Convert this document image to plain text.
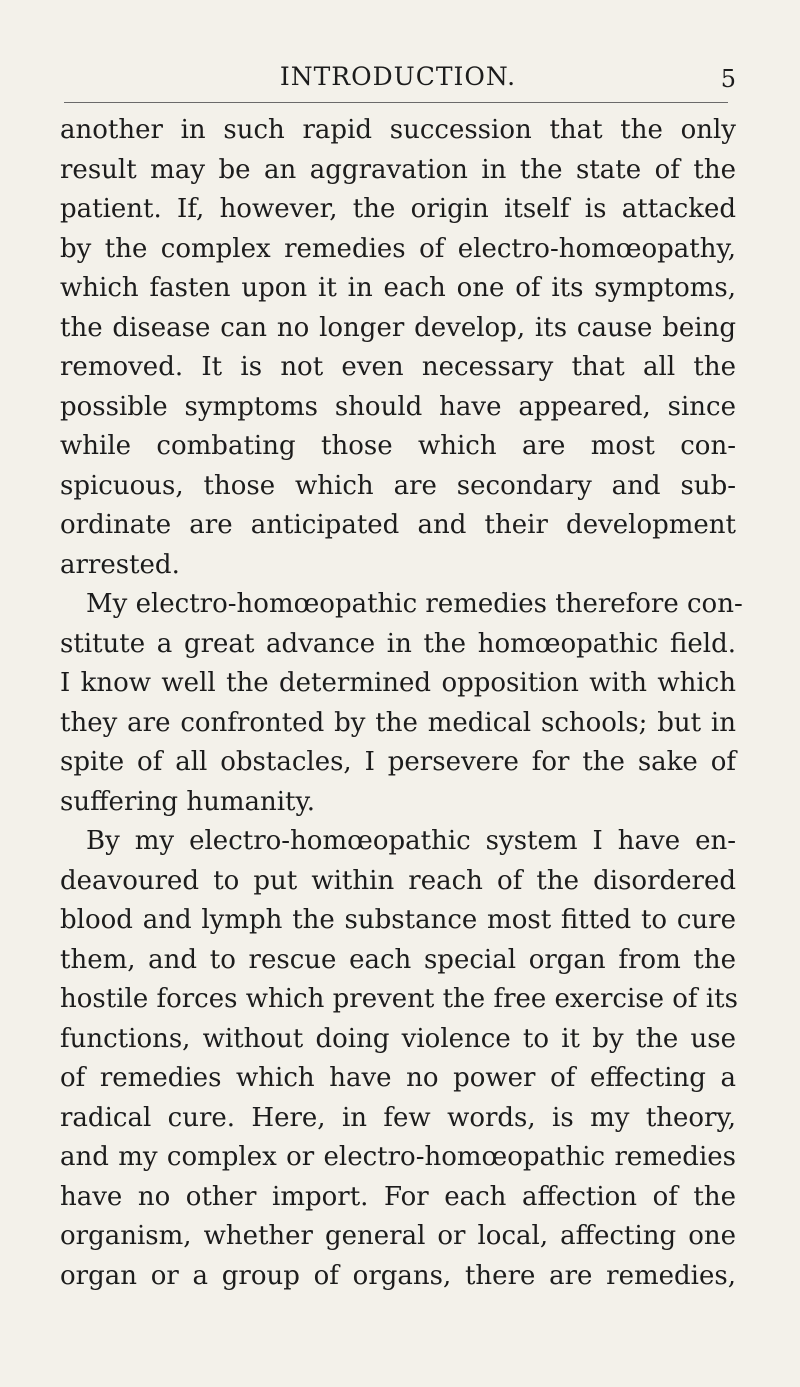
INTRODUCTION.	5
another in such rapid succession that the only
result may be an aggravation in the state of the
patient. If, however, the origin itself is attacked
by the complex remedies of electro-homœopathy,
which fasten upon it in each one of its symptoms,
the disease can no longer develop, its cause being
removed. It is not even necessary that all the
possible symptoms should have appeared, since
while combating those which are most con-
spicuous, those which are secondary and sub-
ordinate are anticipated and their development
arrested.
My electro-homœopathic remedies therefore con-
stitute a great advance in the homœopathic field.
I know well the determined opposition with which
they are confronted by the medical schools; but in
spite of all obstacles, I persevere for the sake of
suffering humanity.
By my electro-homœopathic system I have en-
deavoured to put within reach of the disordered
blood and lymph the substance most fitted to cure
them, and to rescue each special organ from the
hostile forces which prevent the free exercise of its
functions, without doing violence to it by the use
of remedies which have no power of effecting a
radical cure. Here, in few words, is my theory,
and my complex or electro-homœopathic remedies
have no other import. For each affection of the
organism, whether general or local, affecting one
organ or a group of organs, there are remedies,
